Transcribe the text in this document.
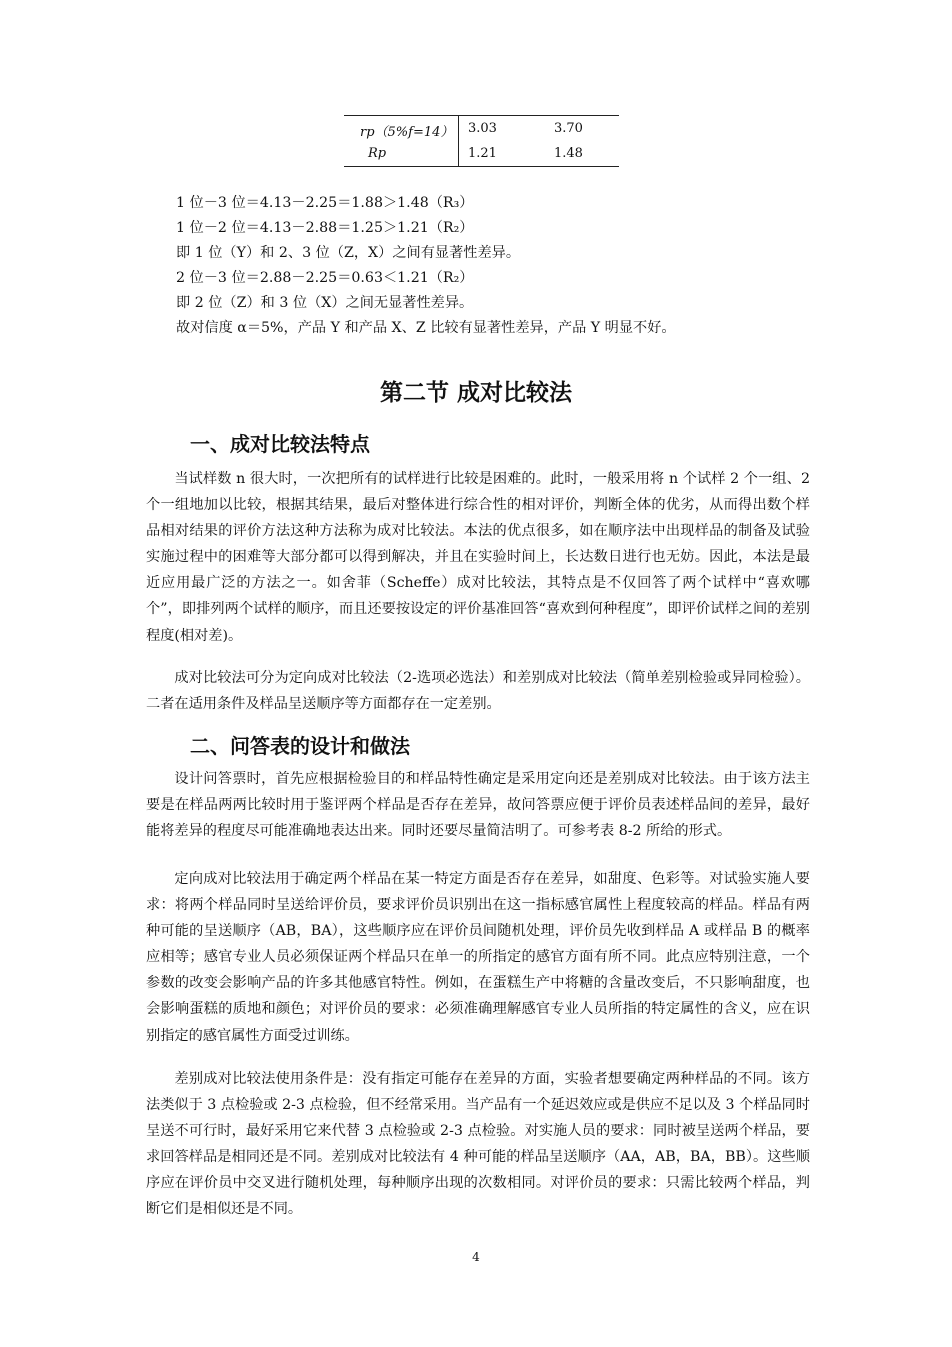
rp（5%f=14） 3.03	3.70
Rp	1.21	1.48
1 位－3 位＝4.13－2.25＝1.88＞1.48（R₃）
1 位－2 位＝4.13－2.88＝1.25＞1.21（R₂）
即 1 位（Y）和 2、3 位（Z，X）之间有显著性差异。
2 位－3 位＝2.88－2.25＝0.63＜1.21（R₂）
即 2 位（Z）和 3 位（X）之间无显著性差异。
故对信度 α＝5%，产品 Y 和产品 X、Z 比较有显著性差异，产品 Y 明显不好。
第二节 成对比较法
一、成对比较法特点

当试样数 n 很大时，一次把所有的试样进行比较是困难的。此时，一般采用将 n 个试样 2 个一组、2 个一组地加以比较，根据其结果，最后对整体进行综合性的相对评价，判断全体的优劣，从而得出数个样品相对结果的评价方法这种方法称为成对比较法。本法的优点很多，如在顺序法中出现样品的制备及试验实施过程中的困难等大部分都可以得到解决，并且在实验时间上，长达数日进行也无妨。因此，本法是最近应用最广泛的方法之一。如舍菲（Scheffe）成对比较法，其特点是不仅回答了两个试样中“喜欢哪个”，即排列两个试样的顺序，而且还要按设定的评价基准回答“喜欢到何种程度”，即评价试样之间的差别程度(相对差)。

成对比较法可分为定向成对比较法（2-选项必选法）和差别成对比较法（简单差别检验或异同检验）。二者在适用条件及样品呈送顺序等方面都存在一定差别。

二、问答表的设计和做法

设计问答票时，首先应根据检验目的和样品特性确定是采用定向还是差别成对比较法。由于该方法主要是在样品两两比较时用于鉴评两个样品是否存在差异，故问答票应便于评价员表述样品间的差异，最好能将差异的程度尽可能准确地表达出来。同时还要尽量简洁明了。可参考表 8-2 所给的形式。

定向成对比较法用于确定两个样品在某一特定方面是否存在差异，如甜度、色彩等。对试验实施人要求：将两个样品同时呈送给评价员，要求评价员识别出在这一指标感官属性上程度较高的样品。样品有两种可能的呈送顺序（AB，BA），这些顺序应在评价员间随机处理，评价员先收到样品 A 或样品 B 的概率应相等；感官专业人员必须保证两个样品只在单一的所指定的感官方面有所不同。此点应特别注意，一个参数的改变会影响产品的许多其他感官特性。例如，在蛋糕生产中将糖的含量改变后，不只影响甜度，也会影响蛋糕的质地和颜色；对评价员的要求：必须准确理解感官专业人员所指的特定属性的含义，应在识别指定的感官属性方面受过训练。

差别成对比较法使用条件是：没有指定可能存在差异的方面，实验者想要确定两种样品的不同。该方法类似于 3 点检验或 2-3 点检验，但不经常采用。当产品有一个延迟效应或是供应不足以及 3 个样品同时呈送不可行时，最好采用它来代替 3 点检验或 2-3 点检验。对实施人员的要求：同时被呈送两个样品，要求回答样品是相同还是不同。差别成对比较法有 4 种可能的样品呈送顺序（AA，AB，BA，BB）。这些顺序应在评价员中交叉进行随机处理，每种顺序出现的次数相同。对评价员的要求：只需比较两个样品，判断它们是相似还是不同。

4
